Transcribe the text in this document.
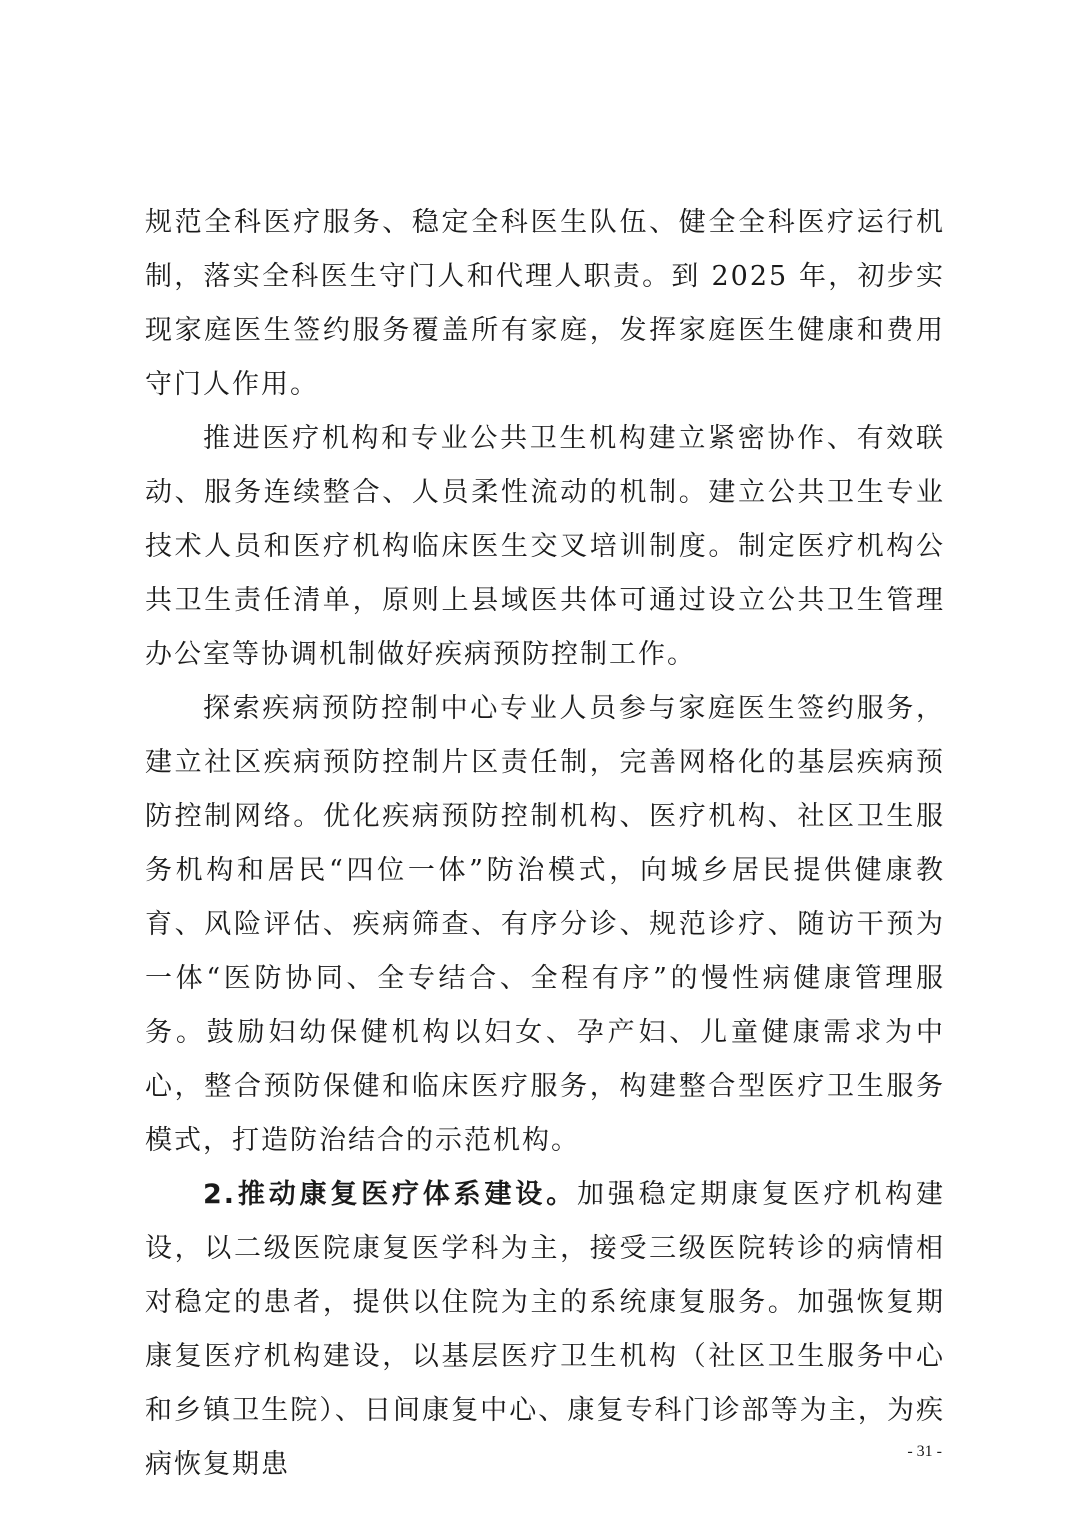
规范全科医疗服务、稳定全科医生队伍、健全全科医疗运行机制，落实全科医生守门人和代理人职责。到 2025 年，初步实现家庭医生签约服务覆盖所有家庭，发挥家庭医生健康和费用守门人作用。

推进医疗机构和专业公共卫生机构建立紧密协作、有效联动、服务连续整合、人员柔性流动的机制。建立公共卫生专业技术人员和医疗机构临床医生交叉培训制度。制定医疗机构公共卫生责任清单，原则上县域医共体可通过设立公共卫生管理办公室等协调机制做好疾病预防控制工作。

探索疾病预防控制中心专业人员参与家庭医生签约服务，建立社区疾病预防控制片区责任制，完善网格化的基层疾病预防控制网络。优化疾病预防控制机构、医疗机构、社区卫生服务机构和居民“四位一体”防治模式，向城乡居民提供健康教育、风险评估、疾病筛查、有序分诊、规范诊疗、随访干预为一体“医防协同、全专结合、全程有序”的慢性病健康管理服务。鼓励妇幼保健机构以妇女、孕产妇、儿童健康需求为中心，整合预防保健和临床医疗服务，构建整合型医疗卫生服务模式，打造防治结合的示范机构。

2.推动康复医疗体系建设。加强稳定期康复医疗机构建设，以二级医院康复医学科为主，接受三级医院转诊的病情相对稳定的患者，提供以住院为主的系统康复服务。加强恢复期康复医疗机构建设，以基层医疗卫生机构（社区卫生服务中心和乡镇卫生院）、日间康复中心、康复专科门诊部等为主，为疾病恢复期患	- 31 -
